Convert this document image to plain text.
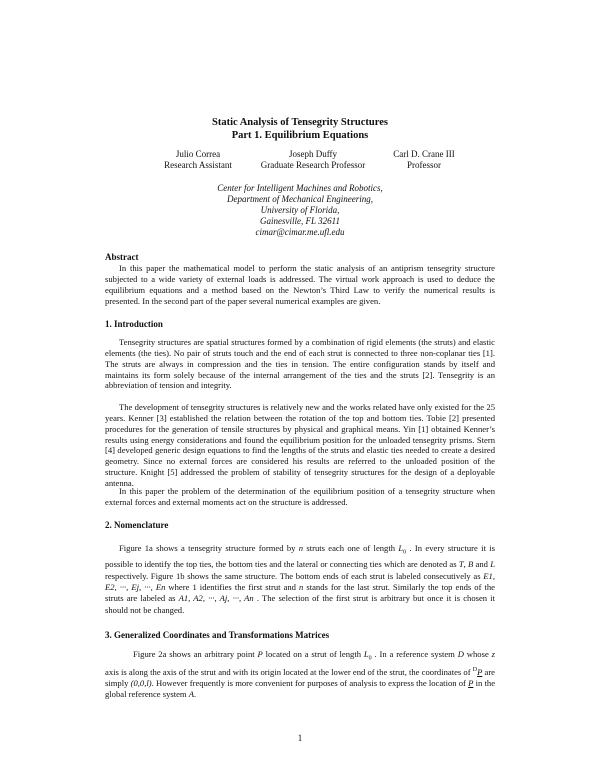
Static Analysis of Tensegrity Structures
Part 1. Equilibrium Equations
Julio Correa
Research Assistant
Joseph Duffy
Graduate Research Professor
Carl D. Crane III
Professor
Center for Intelligent Machines and Robotics,
Department of Mechanical Engineering,
University of Florida,
Gainesville, FL 32611
cimar@cimar.me.ufl.edu
Abstract

In this paper the mathematical model to perform the static analysis of an antiprism tensegrity structure subjected to a wide variety of external loads is addressed. The virtual work approach is used to deduce the equilibrium equations and a method based on the Newton’s Third Law to verify the numerical results is presented. In the second part of the paper several numerical examples are given.

1. Introduction

Tensegrity structures are spatial structures formed by a combination of rigid elements (the struts) and elastic elements (the ties). No pair of struts touch and the end of each strut is connected to three non-coplanar ties [1]. The struts are always in compression and the ties in tension. The entire configuration stands by itself and maintains its form solely because of the internal arrangement of the ties and the struts [2]. Tensegrity is an abbreviation of tension and integrity.

The development of tensegrity structures is relatively new and the works related have only existed for the 25 years. Kenner [3] established the relation between the rotation of the top and bottom ties. Tobie [2] presented procedures for the generation of tensile structures by physical and graphical means. Yin [1] obtained Kenner’s results using energy considerations and found the equilibrium position for the unloaded tensegrity prisms. Stern [4] developed generic design equations to find the lengths of the struts and elastic ties needed to create a desired geometry. Since no external forces are considered his results are referred to the unloaded position of the structure. Knight [5] addressed the problem of stability of tensegrity structures for the design of a deployable antenna.

In this paper the problem of the determination of the equilibrium position of a tensegrity structure when external forces and external moments act on the structure is addressed.

2. Nomenclature

Figure 1a shows a tensegrity structure formed by n struts each one of length $L_0$ . In every structure it is possible to identify the top ties, the bottom ties and the lateral or connecting ties which are denoted as T, B and L respectively. Figure 1b shows the same structure. The bottom ends of each strut is labeled consecutively as E1, E2, ···, Ej, ···, En where 1 identifies the first strut and n stands for the last strut. Similarly the top ends of the struts are labeled as A1, A2, ···, Aj, ···, An . The selection of the first strut is arbitrary but once it is chosen it should not be changed.

3. Generalized Coordinates and Transformations Matrices

Figure 2a shows an arbitrary point P located on a strut of length $L_0$ . In a reference system D whose z axis is along the axis of the strut and with its origin located at the lower end of the strut, the coordinates of $^D$P are simply (0,0,l). However frequently is more convenient for purposes of analysis to express the location of P in the global reference system A.

1
